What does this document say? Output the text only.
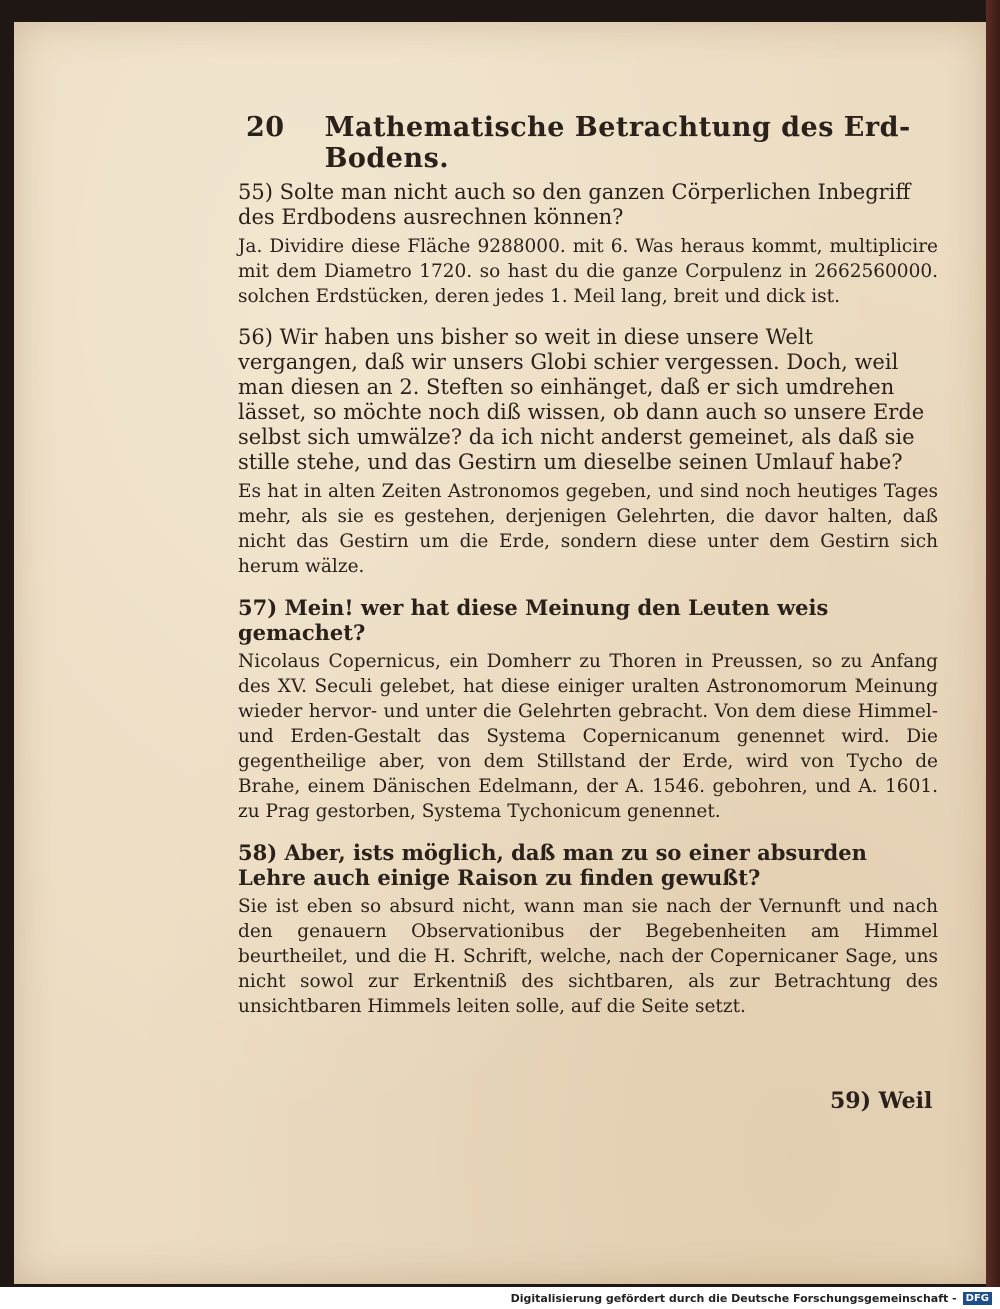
20 Mathematische Betrachtung des Erd-Bodens.
55) Solte man nicht auch so den ganzen Cörperlichen Inbegriff des Erdbodens ausrechnen können?
Ja. Dividire diese Fläche 9288000. mit 6. Was heraus kommt, multiplicire mit dem Diametro 1720. so hast du die ganze Corpulenz in 2662560000. solchen Erdstücken, deren jedes 1. Meil lang, breit und dick ist.
56) Wir haben uns bisher so weit in diese unsere Welt vergangen, daß wir unsers Globi schier vergessen. Doch, weil man diesen an 2. Steften so einhänget, daß er sich umdrehen lässet, so möchte noch diß wissen, ob dann auch so unsere Erde selbst sich umwälze? da ich nicht anderst gemeinet, als daß sie stille stehe, und das Gestirn um dieselbe seinen Umlauf habe?
Es hat in alten Zeiten Astronomos gegeben, und sind noch heutiges Tages mehr, als sie es gestehen, derjenigen Gelehrten, die davor halten, daß nicht das Gestirn um die Erde, sondern diese unter dem Gestirn sich herum wälze.
57) Mein! wer hat diese Meinung den Leuten weis gemachet?
Nicolaus Copernicus, ein Domherr zu Thoren in Preussen, so zu Anfang des XV. Seculi gelebet, hat diese einiger uralten Astronomorum Meinung wieder hervor- und unter die Gelehrten gebracht. Von dem diese Himmel- und Erden-Gestalt das Systema Copernicanum genennet wird. Die gegentheilige aber, von dem Stillstand der Erde, wird von Tycho de Brahe, einem Dänischen Edelmann, der A. 1546. gebohren, und A. 1601. zu Prag gestorben, Systema Tychonicum genennet.
58) Aber, ists möglich, daß man zu so einer absurden Lehre auch einige Raison zu finden gewußt?
Sie ist eben so absurd nicht, wann man sie nach der Vernunft und nach den genauern Observationibus der Begebenheiten am Himmel beurtheilet, und die H. Schrift, welche, nach der Copernicaner Sage, uns nicht sowol zur Erkentniß des sichtbaren, als zur Betrachtung des unsichtbaren Himmels leiten solle, auf die Seite setzt.
59) Weil
Digitalisierung gefördert durch die Deutsche Forschungsgemeinschaft - DFG
